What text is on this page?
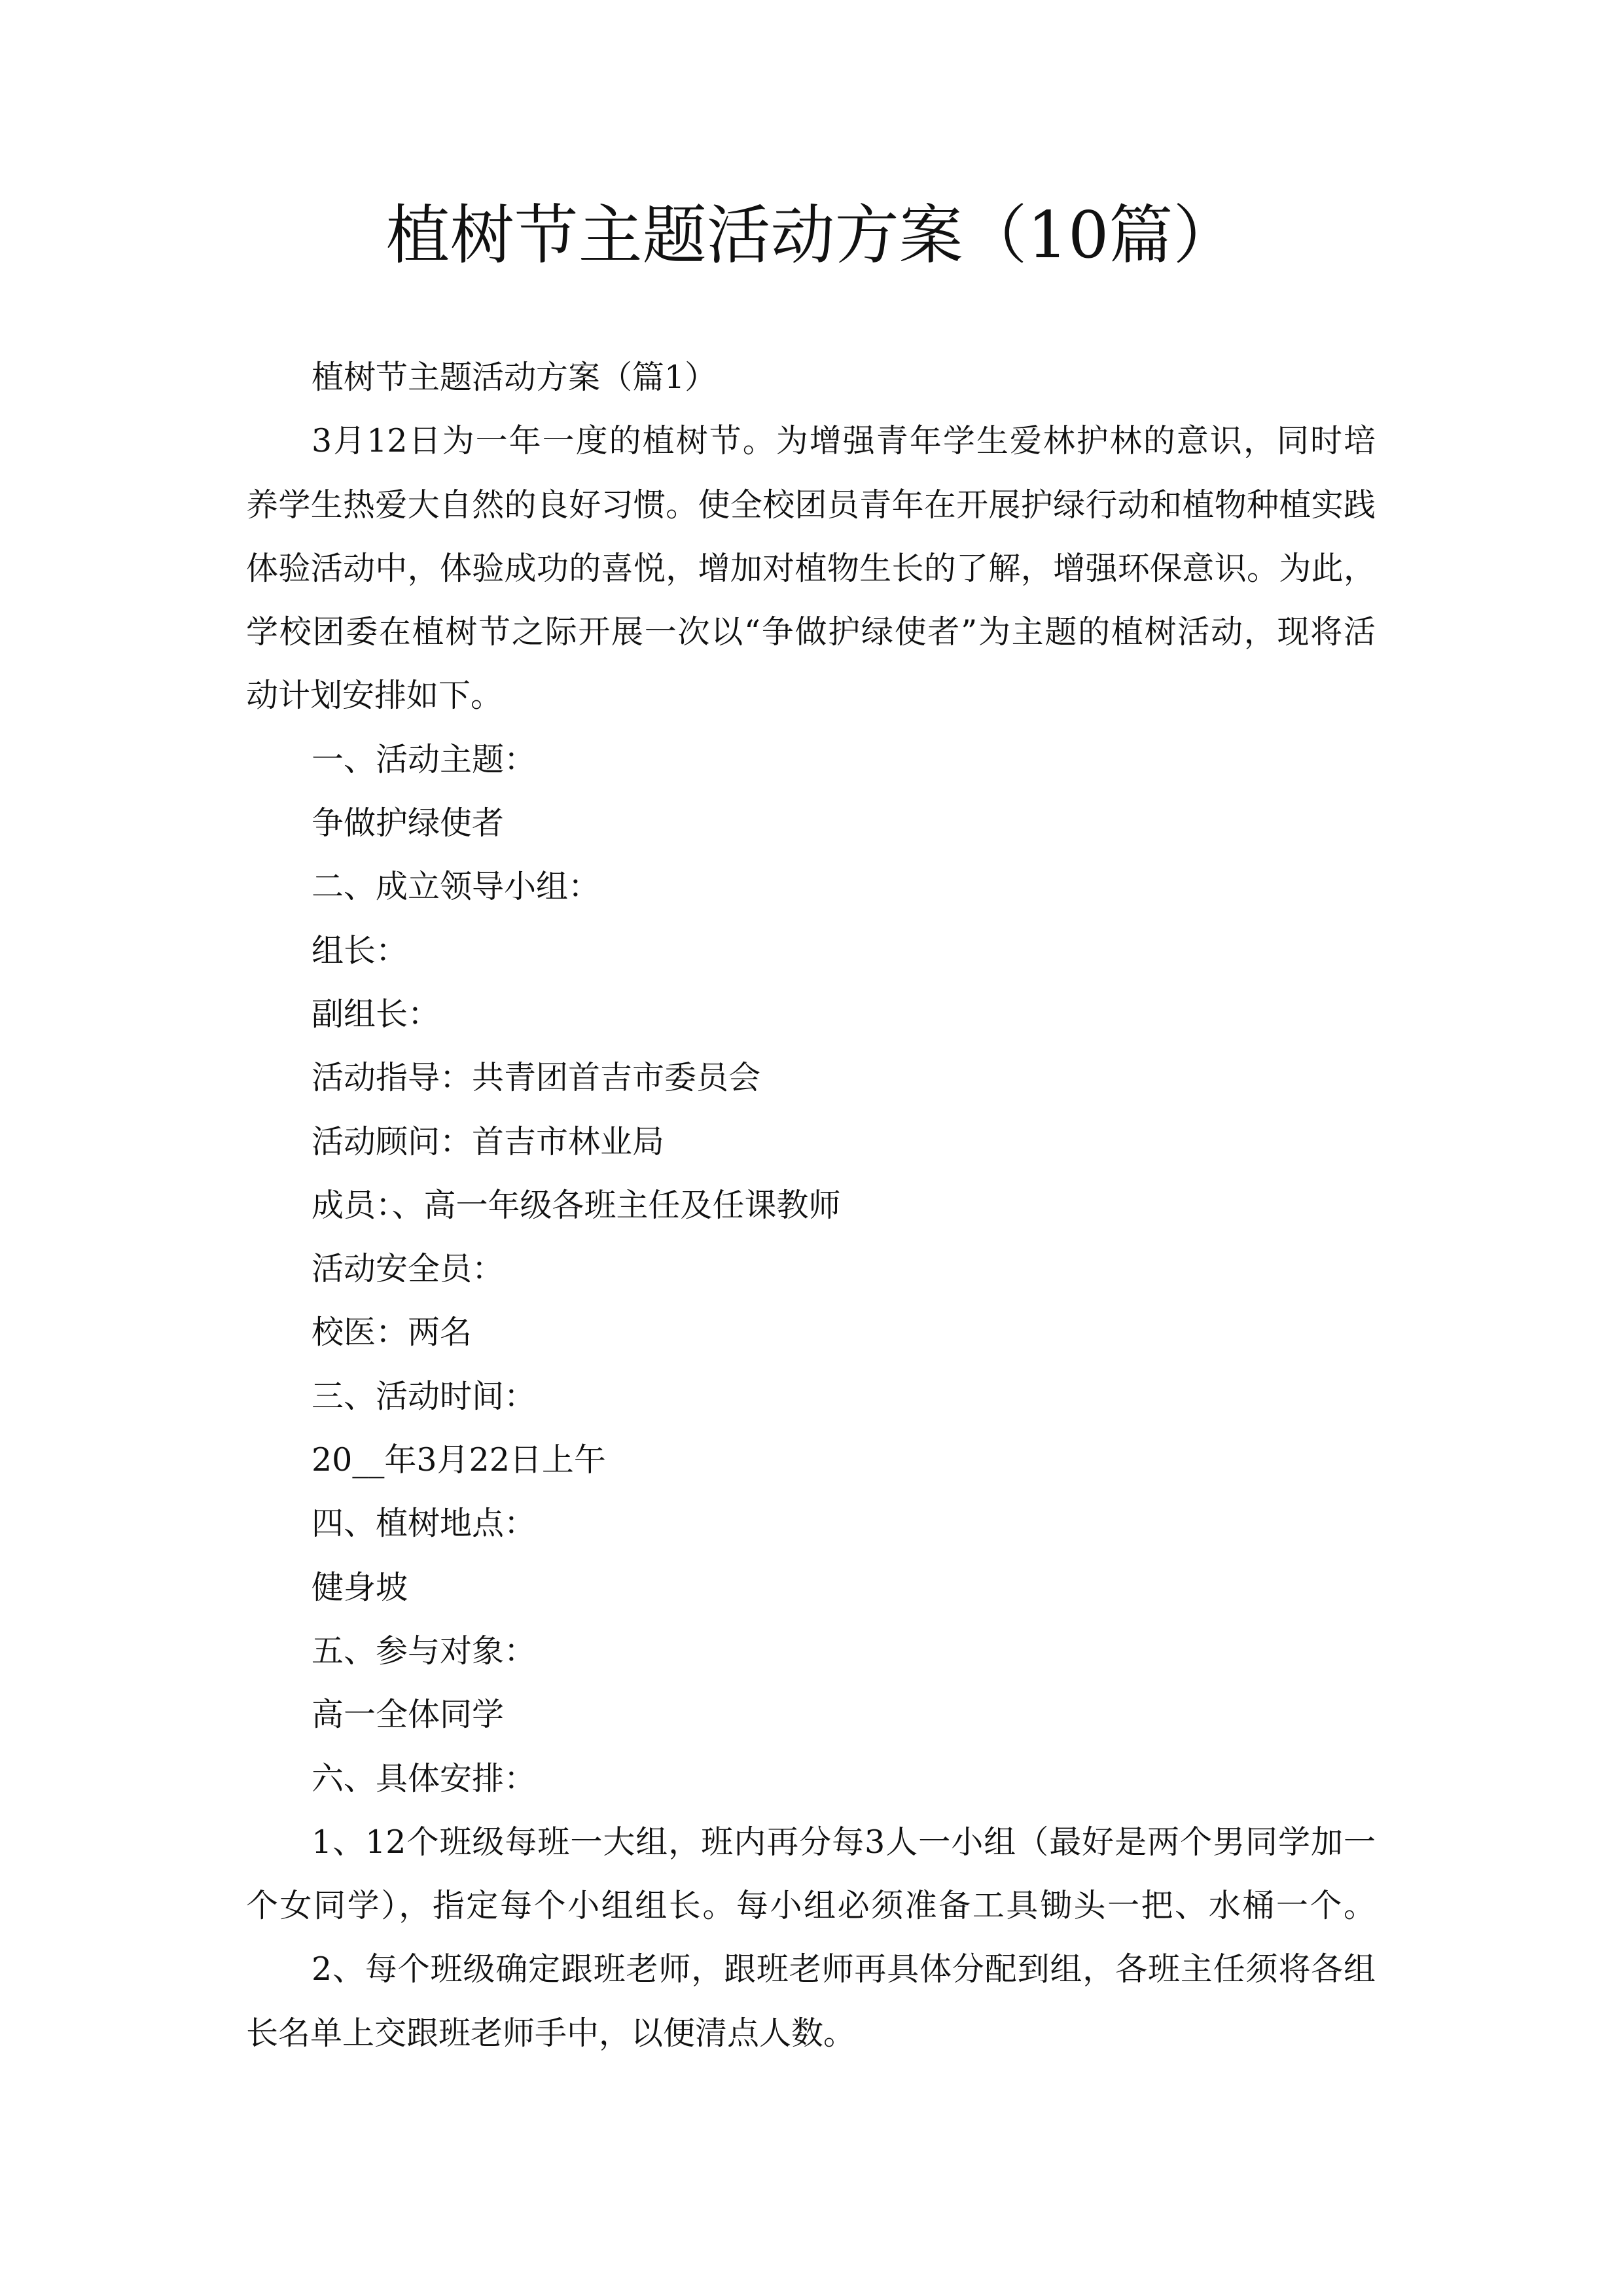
植树节主题活动方案（10篇）
植树节主题活动方案（篇1）
3月12日为一年一度的植树节。为增强青年学生爱林护林的意识，同时培
养学生热爱大自然的良好习惯。使全校团员青年在开展护绿行动和植物种植实践
体验活动中，体验成功的喜悦，增加对植物生长的了解，增强环保意识。为此，
学校团委在植树节之际开展一次以“争做护绿使者”为主题的植树活动，现将活
动计划安排如下。
一、活动主题：
争做护绿使者
二、成立领导小组：
组长：
副组长：
活动指导：共青团首吉市委员会
活动顾问：首吉市林业局
成员：、高一年级各班主任及任课教师
活动安全员：
校医：两名
三、活动时间：
20__年3月22日上午
四、植树地点：
健身坡
五、参与对象：
高一全体同学
六、具体安排：
1、12个班级每班一大组，班内再分每3人一小组（最好是两个男同学加一
个女同学），指定每个小组组长。每小组必须准备工具锄头一把、水桶一个。
2、每个班级确定跟班老师，跟班老师再具体分配到组，各班主任须将各组
长名单上交跟班老师手中，以便清点人数。
